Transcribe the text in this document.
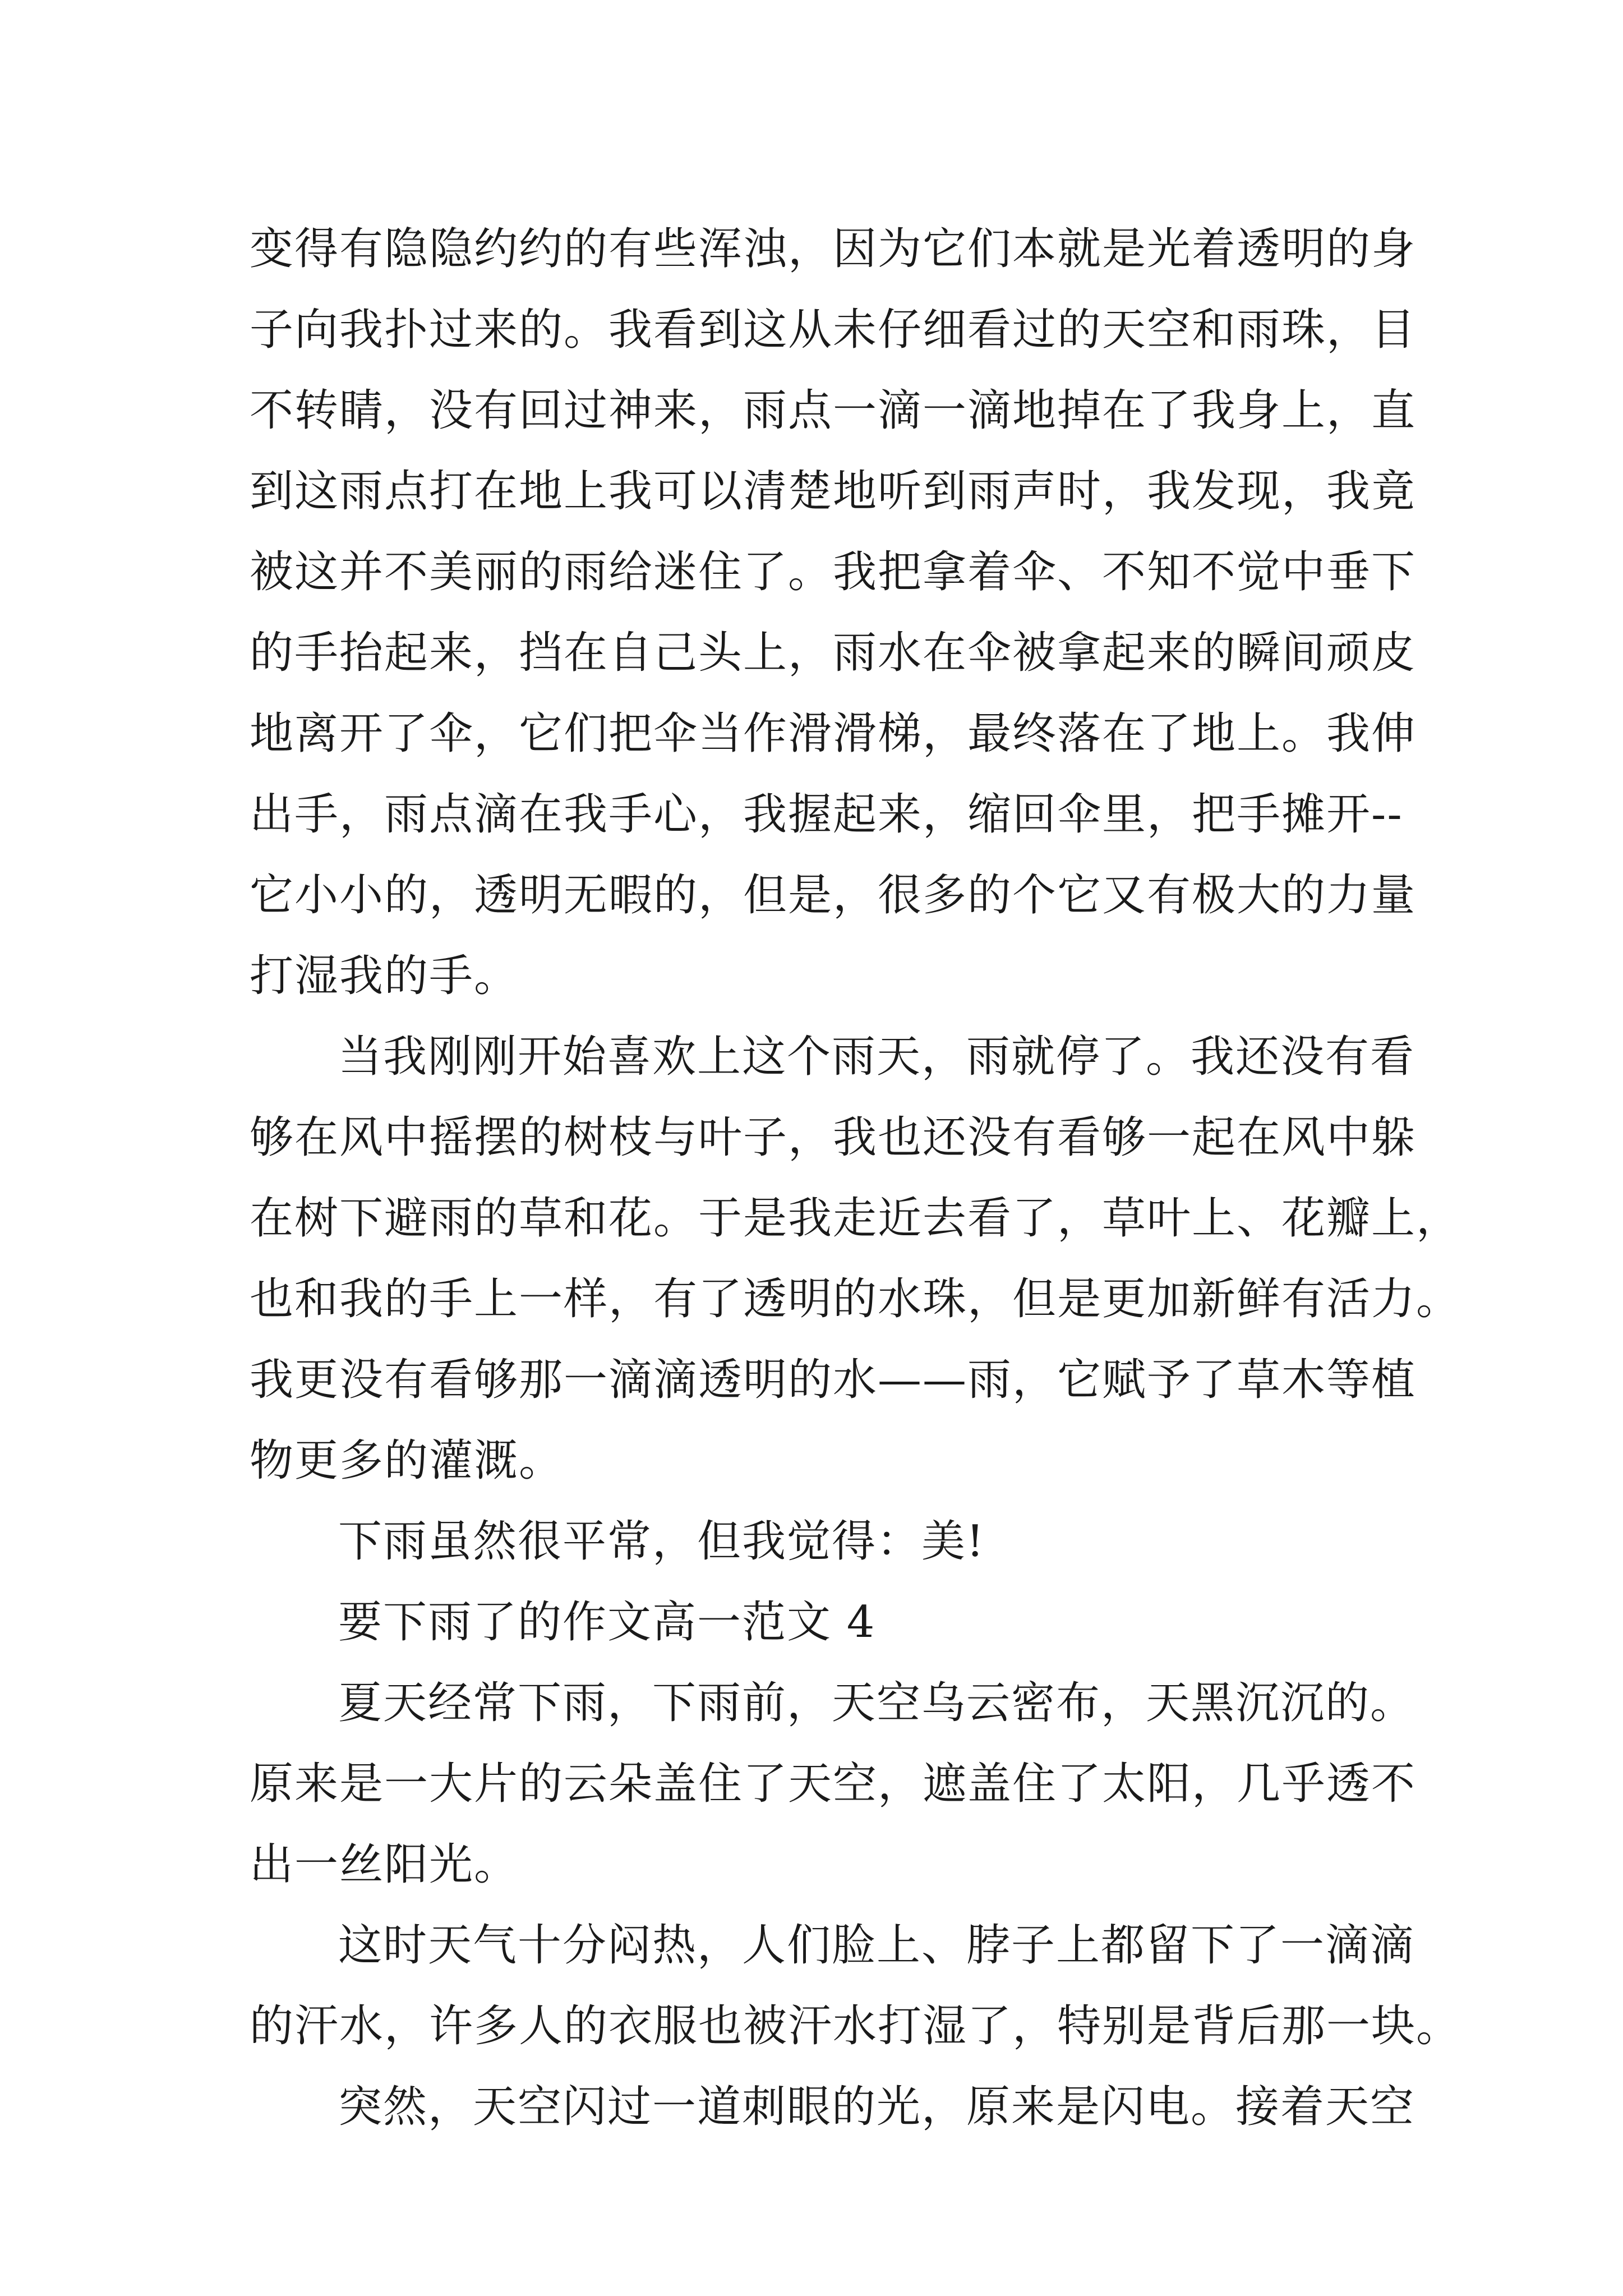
变得有隐隐约约的有些浑浊，因为它们本就是光着透明的身
子向我扑过来的。我看到这从未仔细看过的天空和雨珠，目
不转睛，没有回过神来，雨点一滴一滴地掉在了我身上，直
到这雨点打在地上我可以清楚地听到雨声时，我发现，我竟
被这并不美丽的雨给迷住了。我把拿着伞、不知不觉中垂下
的手抬起来，挡在自己头上，雨水在伞被拿起来的瞬间顽皮
地离开了伞，它们把伞当作滑滑梯，最终落在了地上。我伸
出手，雨点滴在我手心，我握起来，缩回伞里，把手摊开--
它小小的，透明无暇的，但是，很多的个它又有极大的力量
打湿我的手。
当我刚刚开始喜欢上这个雨天，雨就停了。我还没有看
够在风中摇摆的树枝与叶子，我也还没有看够一起在风中躲
在树下避雨的草和花。于是我走近去看了，草叶上、花瓣上，
也和我的手上一样，有了透明的水珠，但是更加新鲜有活力。
我更没有看够那一滴滴透明的水——雨，它赋予了草木等植
物更多的灌溉。
下雨虽然很平常，但我觉得：美!
要下雨了的作文高一范文 4
夏天经常下雨，下雨前，天空乌云密布，天黑沉沉的。
原来是一大片的云朵盖住了天空，遮盖住了太阳，几乎透不
出一丝阳光。
这时天气十分闷热，人们脸上、脖子上都留下了一滴滴
的汗水，许多人的衣服也被汗水打湿了，特别是背后那一块。
突然，天空闪过一道刺眼的光，原来是闪电。接着天空
